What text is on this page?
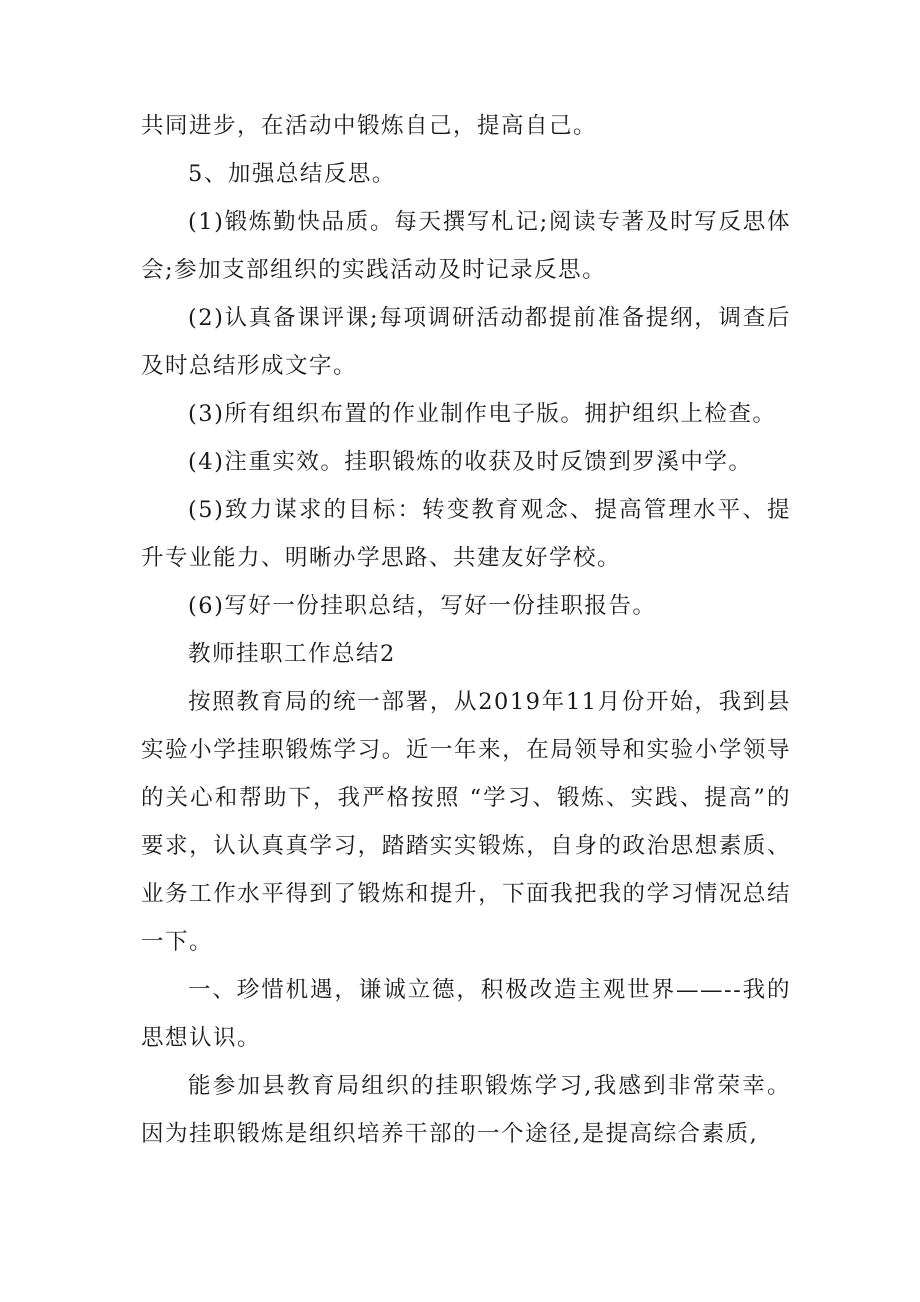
共同进步，在活动中锻炼自己，提高自己。

5、加强总结反思。

(1)锻炼勤快品质。每天撰写札记;阅读专著及时写反思体会;参加支部组织的实践活动及时记录反思。

(2)认真备课评课;每项调研活动都提前准备提纲，调查后及时总结形成文字。

(3)所有组织布置的作业制作电子版。拥护组织上检查。

(4)注重实效。挂职锻炼的收获及时反馈到罗溪中学。

(5)致力谋求的目标：转变教育观念、提高管理水平、提升专业能力、明晰办学思路、共建友好学校。

(6)写好一份挂职总结，写好一份挂职报告。

教师挂职工作总结2

按照教育局的统一部署，从2019年11月份开始，我到县实验小学挂职锻炼学习。近一年来，在局领导和实验小学领导的关心和帮助下，我严格按照 “学习、锻炼、实践、提高”的要求，认认真真学习，踏踏实实锻炼，自身的政治思想素质、业务工作水平得到了锻炼和提升，下面我把我的学习情况总结一下。

一、珍惜机遇，谦诚立德，积极改造主观世界——--我的思想认识。

能参加县教育局组织的挂职锻炼学习,我感到非常荣幸。因为挂职锻炼是组织培养干部的一个途径,是提高综合素质,
